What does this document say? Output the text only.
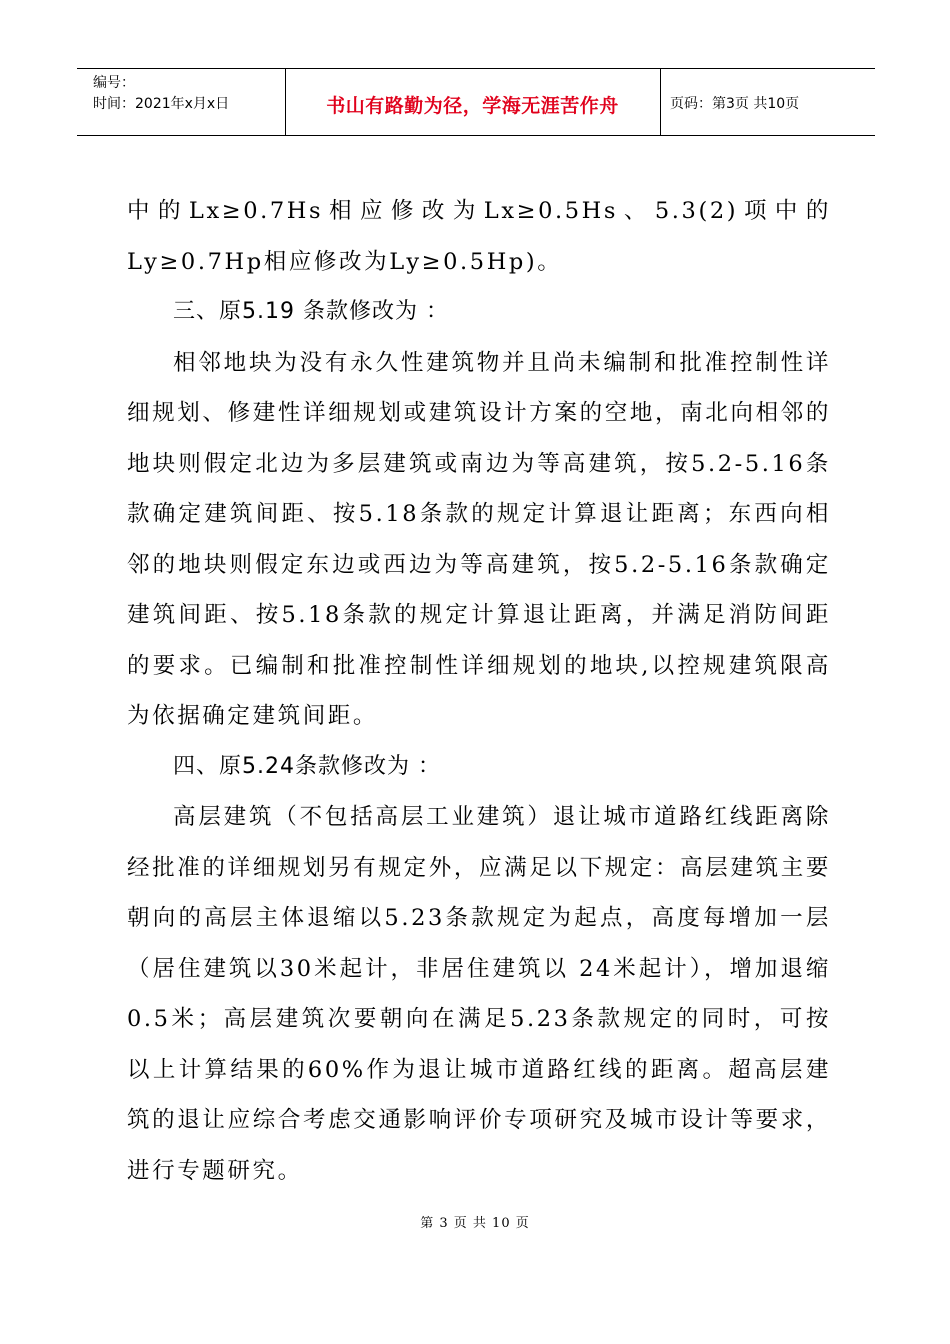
编号：
时间：2021年x月x日	书山有路勤为径，学海无涯苦作舟	页码：第3页 共10页

中的Lx≥0.7Hs相应修改为Lx≥0.5Hs、5.3(2)项中的Ly≥0.7Hp相应修改为Ly≥0.5Hp)。

三、原5.19 条款修改为 ：

相邻地块为没有永久性建筑物并且尚未编制和批准控制性详细规划、修建性详细规划或建筑设计方案的空地，南北向相邻的地块则假定北边为多层建筑或南边为等高建筑，按5.2-5.16条款确定建筑间距、按5.18条款的规定计算退让距离；东西向相邻的地块则假定东边或西边为等高建筑，按5.2-5.16条款确定建筑间距、按5.18条款的规定计算退让距离，并满足消防间距的要求。已编制和批准控制性详细规划的地块,以控规建筑限高为依据确定建筑间距。

四、原5.24条款修改为 ：

高层建筑（不包括高层工业建筑）退让城市道路红线距离除经批准的详细规划另有规定外，应满足以下规定：高层建筑主要朝向的高层主体退缩以5.23条款规定为起点，高度每增加一层（居住建筑以30米起计，非居住建筑以 24米起计），增加退缩0.5米；高层建筑次要朝向在满足5.23条款规定的同时，可按以上计算结果的60%作为退让城市道路红线的距离。超高层建筑的退让应综合考虑交通影响评价专项研究及城市设计等要求，进行专题研究。

第 3 页 共 10 页
